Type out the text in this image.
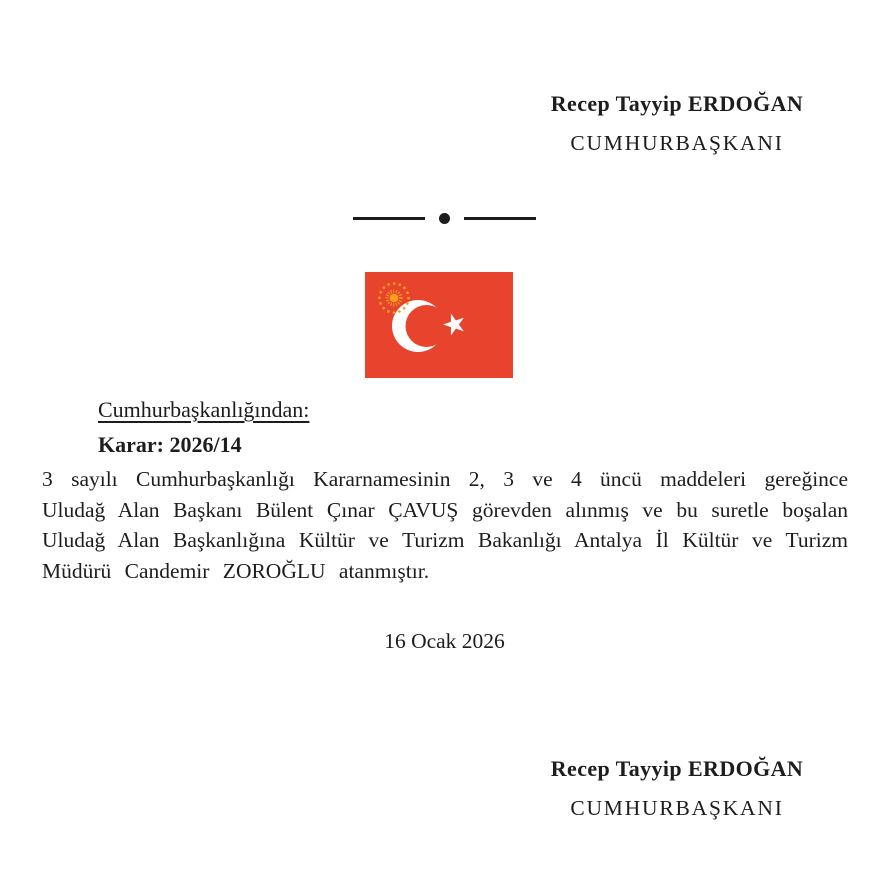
Recep Tayyip ERDOĞAN
CUMHURBAŞKANI
Cumhurbaşkanlığından:
Karar: 2026/14
3 sayılı Cumhurbaşkanlığı Kararnamesinin 2, 3 ve 4 üncü maddeleri gereğince Uludağ Alan Başkanı Bülent Çınar ÇAVUŞ görevden alınmış ve bu suretle boşalan Uludağ Alan Başkanlığına Kültür ve Turizm Bakanlığı Antalya İl Kültür ve Turizm Müdürü Candemir ZOROĞLU atanmıştır.
16 Ocak 2026
Recep Tayyip ERDOĞAN
CUMHURBAŞKANI
